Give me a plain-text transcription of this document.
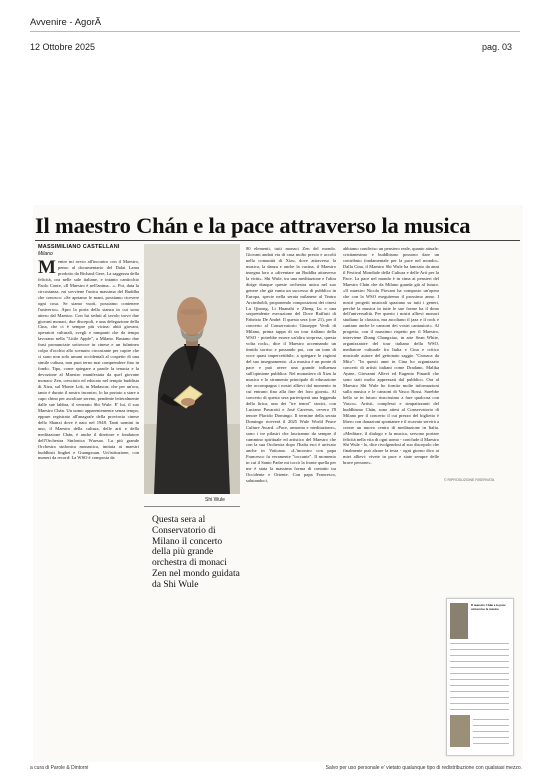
Avvenire - AgorÃ
12 Ottobre 2025	pag. 03
Il maestro Chán e la pace attraverso la musica
MASSIMILIANO CASTELLANI
Milano

Mentre mi avvio all'incontro con il Maestro, penso al documentario del Dalai Lama prodotto da Richard Gere, La saggezza della felicità, ora nelle sale italiane, e intanto canticchio Paolo Conte, «Il Maestro è nell'anima…». Poi, data la circostanza, mi sovviene l'unica massima del Buddha che conosco: «Se apriamo le mani, possiamo ricevere ogni cosa. Se siamo vuoti, possiamo contenere l'universo». Apro la porta della stanza in cui sono atteso dal Maestro. Con lui seduti al tavolo trovo due giovani monaci, due discepoli, e una delegazione della Cina, che ci è sempre più vicina: abiti giovani, operatori culturali, svegli e rampanti che da tempo lavorano nella "Little Apple", a Milano. Bastano due frasi pronunciate sottovoce in cinese e un fulmineo colpo d'occhio allo scenario circostante per capire che ci sono non solo umani occidentali al cospetto di una simile cultura, non puoi terno mai comprendere fino in fondo. Tipo, come spiegare a parole la tenacia e la devozione al Maestro manifestata da quel giovane monaco Zen, cresciuto ed educato nel tempio buddista di Xizu, sul Monte Lok, in Madascar, che per un'ora, tanto è durato il nostro incontro, lo ha portato a stare a capo chino per ascoltare sereno, pendente letteralmente dalle sue labbra, il venerato Shi Wule. E' lui, il suo Maestro Chán. Un uomo apparentemente senza tempo, eppure registrato all'anagrafe della provincia cinese dello Shanxi dove è nato nel 1948. Tanti uomini in uno, il Maestro della cultura, delle arti e della meditazione Chán, è anche il direttore e fondatore dell'Orchestra Sinfonica Wuesao. La più grande Orchestra sinfonica monastica, imitata ai maestri buddhisti lingbei e Guangxuan. Un'istituzione, con numeri da record: La WSO è composta da

Shi Wule
Questa sera al Conservatorio di Milano il concerto della più grande orchestra di monaci Zen nel mondo guidata da Shi Wule

80 elementi, tutti monaci Zen del mondo. Giovani andati via di casa molto presto e accolti nella comunità di Xizu, dove attraverso la musica, la danza e anche la cucina, il Maestro insegna loro a «diventare un Buddha attraverso la virtù». Shi Wule, tra una meditazione e l'altra dirige dunque queste orchestra unica nel suo genere che già vanta un successo di pubblico in Europa, specie nella serata milanese al Teatro Arcimboldi, proponendo composizioni dei cinesi Lu Qinong, Li Huanzhi e Zheng Lu e una sorprendente esecuzione del Dove Raffiuti di Fabrizio De André. Il questa sera (ore 21), per il concerto al Conservatorio Giuseppe Verdi di Milano, prima tappa di un tour italiano della WSO - potrebbe essere un'altra sorpresa, questa volta rock», dice il Maestro accennando un timido sorriso e passando poi, con un tono di voce quasi impercettibile, a spiegare le ragioni del suo insegnamento. «La musica è un ponte di pace e può avere una grande influenza sull'opinione pubblica. Nel monastero di Xizu la musica e lo strumento principale di educazione che accompagna i nostri allievi dal momento in cui entrano fino alla fine dei loro giorni». Al concerto di questa sera parteciperà una leggenda della lirica, uno dei "tre tenori" storici, con Luciano Pavarotti e José Carreras, ovvero l'8 tenore Placido Domingo. Il termine della serata Domingo riceverà il 2025 Wule World Peace Culture Award. «Pace, armonia e meditazione», sono i tre pilastri che lasciranno da sempre il cammino spirituale ed artistico del Maestro che con la sua Orchestra dopo l'Italia esci è arrivato anche in Vaticano. «L'incontro con papa Francesco fu veramente "toccante". Il momento in cui il Santo Padre mi toccò la fronte quella per me è stata la massima forma di contatto tra Occidente e Oriente. Con papa Francesco, salutandoci,

abbiamo condiviso un pensiero reale, quanto attuale: cristianesimo e buddhismo possono dare un contributo fondamentale per la pace nel mondo». Dalla Cina, il Maestro Shi Wule ha lanciato da anni il Festival Mondiale della Cultura e delle Arti per la Pace. La pace nel mondo è in cima ai pensieri del Maestro Chán che da Milano guarda già al futuro. «Il maestro Nicola Piovani ha composto un'opera che con la WSO eseguiremo il prossimo anno. I nostri progetti musicali spaziano su tutti i generi, perché la musica in tutte le sue forme ha il dono dell'universalità. Per questo i nostri allievi monaci studiano la classica, ma ascoltano il jazz e il rock e cantano anche le canzoni dei vostri cantautori». Al progetto, con il massimo rispetto per il Maestro, interviene Zhang Changxiao, in arte Sean White, organizzatore del tour italiano della WSO, mediatore culturale fra Italia e Cina e critico musicale autore del gettonato saggio "Cronaca da Mito": "In questi anni in Cina ho organizzato concerti di artisti italiani come Dradano, Malika Ayane, Giovanni Allevi ed Eugenio Finardi che sono stati molto apprezzati dal pubblico. Ora al Maestro Shi Wule ho fornito molte informazioni sulla musica e le canzoni di Vasco Rossi. Sarebbe bello se in futuro riuscissimo a fare qualcosa con Vasco». Artisti, complessi e simpatizzanti del buddhismo Chán, sono attesi al Conservatorio di Milano per il concerto il cui prezzo del biglietto è libero con donazioni spontanee e il ricavato servirà a creare un nuovo centro di meditazione in Italia. «Meditare, il dialogo e la musica, servono portare felicità nella vita di ogni uomo - conclude il Maestro Shi Wule - lo, dice rivolgendosi al suo discepolo che finalmente può alzare la testa - ogni giorno dico ai miei allievi: vivete in pace e siate sempre delle brave persone».

© RIPRODUZIONE RISERVATA
Il maestro Chán e la pace attraverso la musica
a cura di Parole & Dintorni	Salvo per uso personale e' vietato qualunque tipo di redistribuzione con qualsiasi mezzo.
